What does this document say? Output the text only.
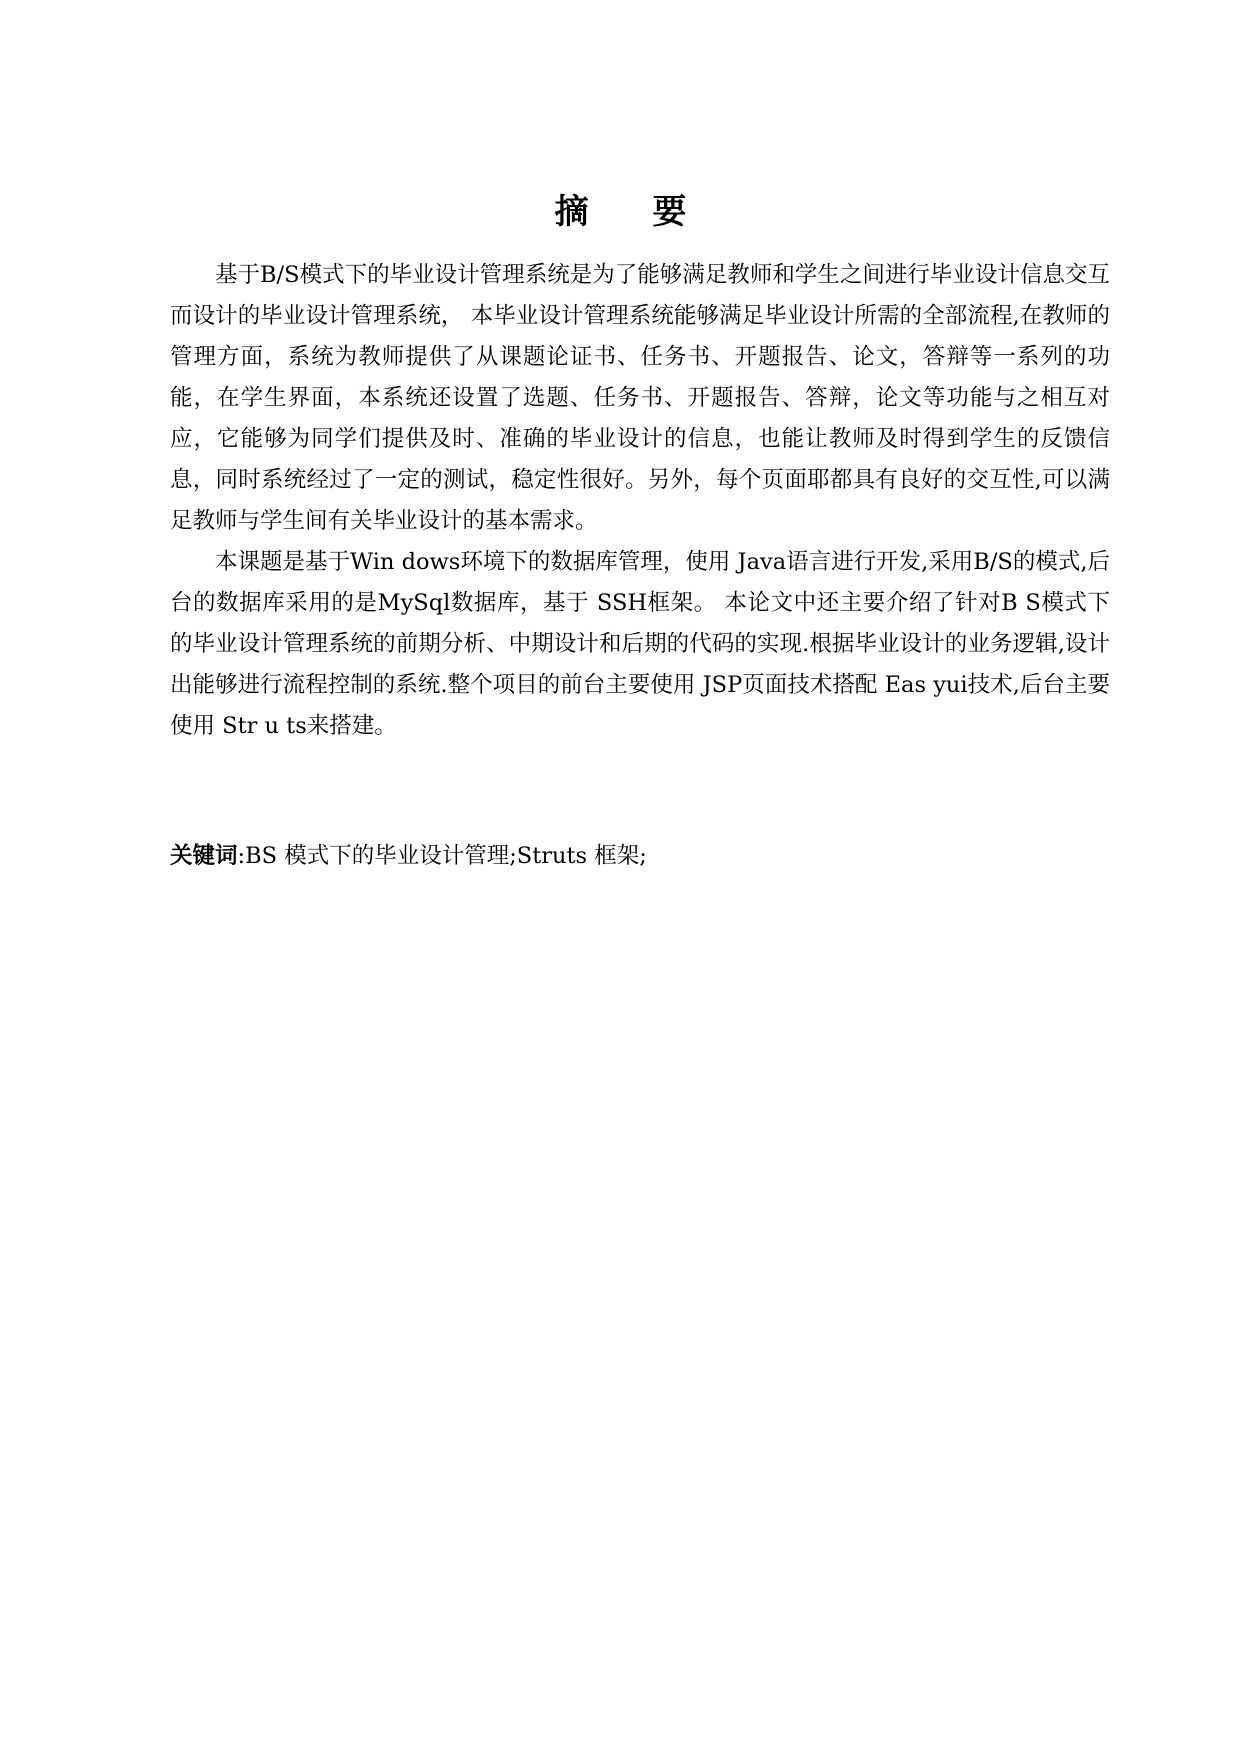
摘 要

基于B/S模式下的毕业设计管理系统是为了能够满足教师和学生之间进行毕业设计信息交互而设计的毕业设计管理系统， 本毕业设计管理系统能够满足毕业设计所需的全部流程,在教师的管理方面，系统为教师提供了从课题论证书、任务书、开题报告、论文，答辩等一系列的功能，在学生界面，本系统还设置了选题、任务书、开题报告、答辩，论文等功能与之相互对应，它能够为同学们提供及时、准确的毕业设计的信息，也能让教师及时得到学生的反馈信息，同时系统经过了一定的测试，稳定性很好。另外，每个页面耶都具有良好的交互性,可以满足教师与学生间有关毕业设计的基本需求。

本课题是基于Win dows环境下的数据库管理，使用 Java语言进行开发,采用B/S的模式,后台的数据库采用的是MySql数据库，基于 SSH框架。 本论文中还主要介绍了针对B S模式下的毕业设计管理系统的前期分析、中期设计和后期的代码的实现.根据毕业设计的业务逻辑,设计出能够进行流程控制的系统.整个项目的前台主要使用 JSP页面技术搭配 Eas yui技术,后台主要使用 Str u ts来搭建。

关键词:BS 模式下的毕业设计管理;Struts 框架;
